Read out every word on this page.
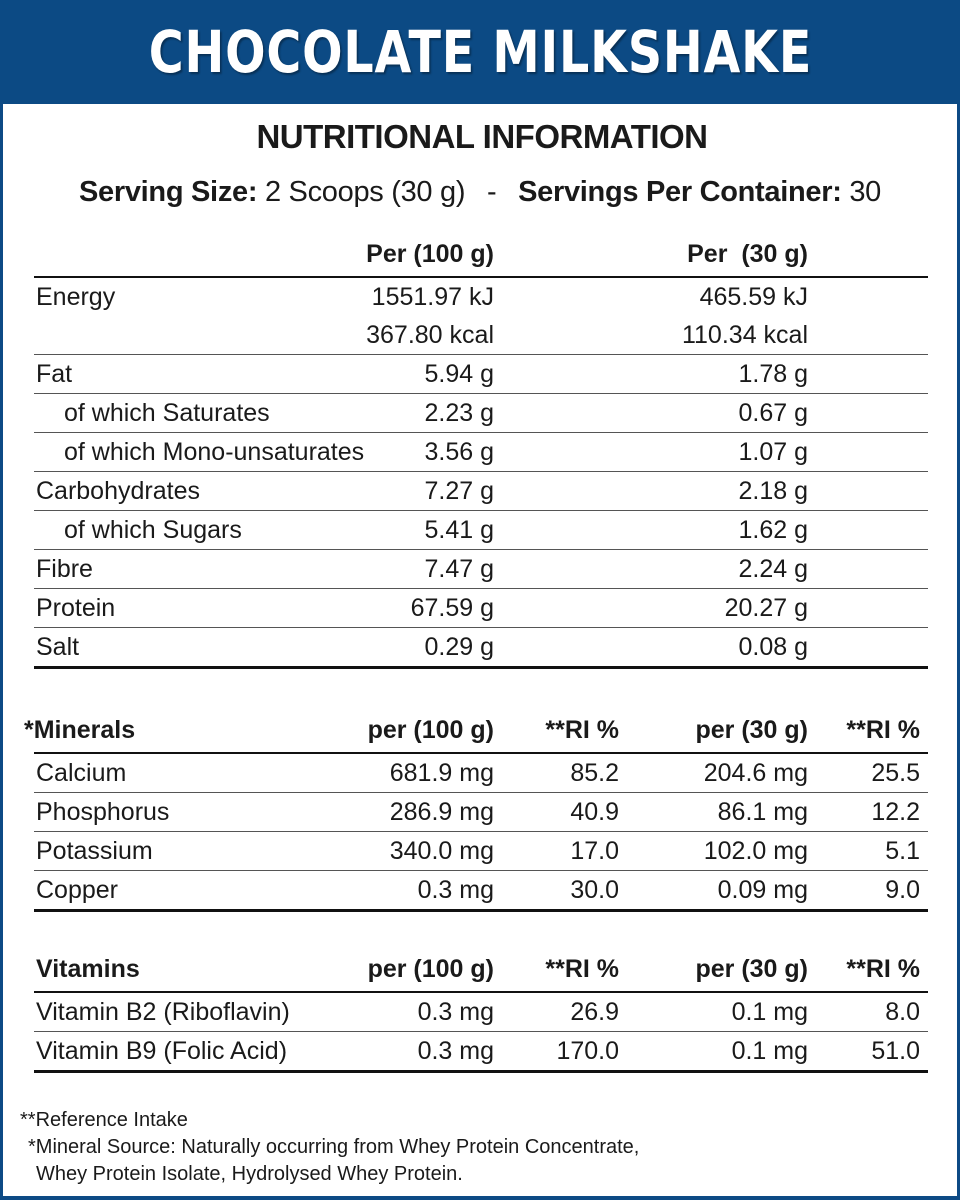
CHOCOLATE MILKSHAKE
NUTRITIONAL INFORMATION
Serving Size: 2 Scoops (30 g) - Servings Per Container: 30
Per (100 g)	Per  (30 g)
Energy	1551.97 kJ	465.59 kJ
367.80 kcal	110.34 kcal
Fat	5.94 g	1.78 g
of which Saturates	2.23 g	0.67 g
of which Mono-unsaturates 3.56 g	1.07 g
Carbohydrates	7.27 g	2.18 g
of which Sugars	5.41 g	1.62 g
Fibre	7.47 g	2.24 g
Protein	67.59 g	20.27 g
Salt	0.29 g	0.08 g
*Minerals	per (100 g) **RI %	per (30 g) **RI %
Calcium	681.9 mg	85.2	204.6 mg	25.5
Phosphorus	286.9 mg	40.9	86.1 mg	12.2
Potassium	340.0 mg	17.0	102.0 mg	5.1
Copper	0.3 mg	30.0	0.09 mg	9.0
Vitamins	per (100 g) **RI %	per (30 g) **RI %
Vitamin B2 (Riboflavin)	0.3 mg	26.9	0.1 mg	8.0
Vitamin B9 (Folic Acid)	0.3 mg 170.0	0.1 mg	51.0
**Reference Intake
*Mineral Source: Naturally occurring from Whey Protein Concentrate,
Whey Protein Isolate, Hydrolysed Whey Protein.
